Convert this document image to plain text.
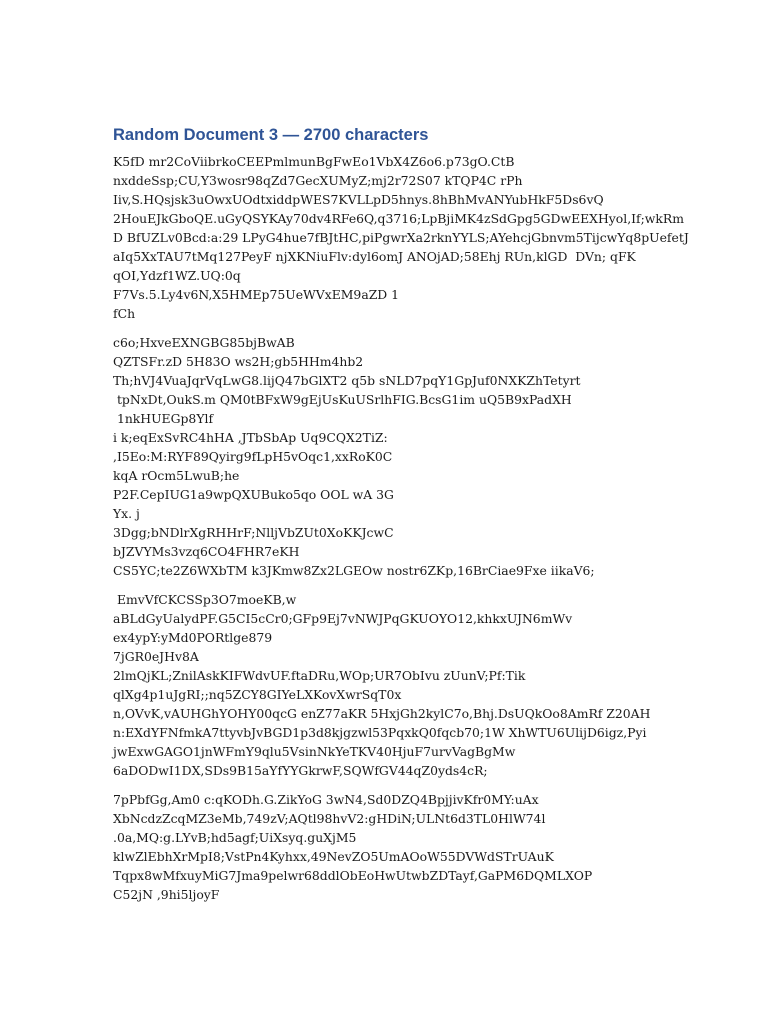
Random Document 3 — 2700 characters
K5fD mr2CoViibrkoCEEPmlmunBgFwEo1VbX4Z6o6.p73gO.CtB
nxddeSsp;CU,Y3wosr98qZd7GecXUMyZ;mj2r72S07 kTQP4C rPh
Iiv,S.HQsjsk3uOwxUOdtxiddpWES7KVLLpD5hnys.8hBhMvANYubHkF5Ds6vQ
2HouEJkGboQE.uGyQSYKAy70dv4RFe6Q,q3716;LpBjiMK4zSdGpg5GDwEEXHyol,If;wkRm
D BfUZLv0Bcd:a:29 LPyG4hue7fBJtHC,piPgwrXa2rknYYLS;AYehcjGbnvm5TijcwYq8pUefetJ
aIq5XxTAU7tMq127PeyF njXKNiuFlv:dyl6omJ ANOjAD;58Ehj RUn,klGD  DVn; qFK
qOI,Ydzf1WZ.UQ:0q
F7Vs.5.Ly4v6N,X5HMEp75UeWVxEM9aZD 1
fCh
c6o;HxveEXNGBG85bjBwAB
QZTSFr.zD 5H83O ws2H;gb5HHm4hb2
Th;hVJ4VuaJqrVqLwG8.lijQ47bGlXT2 q5b sNLD7pqY1GpJuf0NXKZhTetyrt
tpNxDt,OukS.m QM0tBFxW9gEjUsKuUSrlhFIG.BcsG1im uQ5B9xPadXH
1nkHUEGp8Ylf
i k;eqExSvRC4hHA ,JTbSbAp Uq9CQX2TiZ:
,I5Eo:M:RYF89Qyirg9fLpH5vOqc1,xxRoK0C
kqA rOcm5LwuB;he
P2F.CepIUG1a9wpQXUBuko5qo OOL wA 3G
Yx. j
3Dgg;bNDlrXgRHHrF;NlljVbZUt0XoKKJcwC
bJZVYMs3vzq6CO4FHR7eKH
CS5YC;te2Z6WXbTM k3JKmw8Zx2LGEOw nostr6ZKp,16BrCiae9Fxe iikaV6;
EmvVfCKCSSp3O7moeKB,w
aBLdGyUalydPF.G5CI5cCr0;GFp9Ej7vNWJPqGKUOYO12,khkxUJN6mWv
ex4ypY:yMd0PORtlge879
7jGR0eJHv8A
2lmQjKL;ZnilAskKIFWdvUF.ftaDRu,WOp;UR7ObIvu zUunV;Pf:Tik
qlXg4p1uJgRI;;nq5ZCY8GIYeLXKovXwrSqT0x
n,OVvK,vAUHGhYOHY00qcG enZ77aKR 5HxjGh2kylC7o,Bhj.DsUQkOo8AmRf Z20AH
n:EXdYFNfmkA7ttyvbJvBGD1p3d8kjgzwl53PqxkQ0fqcb70;1W XhWTU6UlijD6igz,Pyi
jwExwGAGO1jnWFmY9qlu5VsinNkYeTKV40HjuF7urvVagBgMw
6aDODwI1DX,SDs9B15aYfYYGkrwF,SQWfGV44qZ0yds4cR;
7pPbfGg,Am0 c:qKODh.G.ZikYoG 3wN4,Sd0DZQ4BpjjivKfr0MY:uAx
XbNcdzZcqMZ3eMb,749zV;AQtl98hvV2:gHDiN;ULNt6d3TL0HlW74l
.0a,MQ:g.LYvB;hd5agf;UiXsyq.guXjM5
klwZlEbhXrMpI8;VstPn4Kyhxx,49NevZO5UmAOoW55DVWdSTrUAuK
Tqpx8wMfxuyMiG7Jma9pelwr68ddlObEoHwUtwbZDTayf,GaPM6DQMLXOP
C52jN ,9hi5ljoyF
